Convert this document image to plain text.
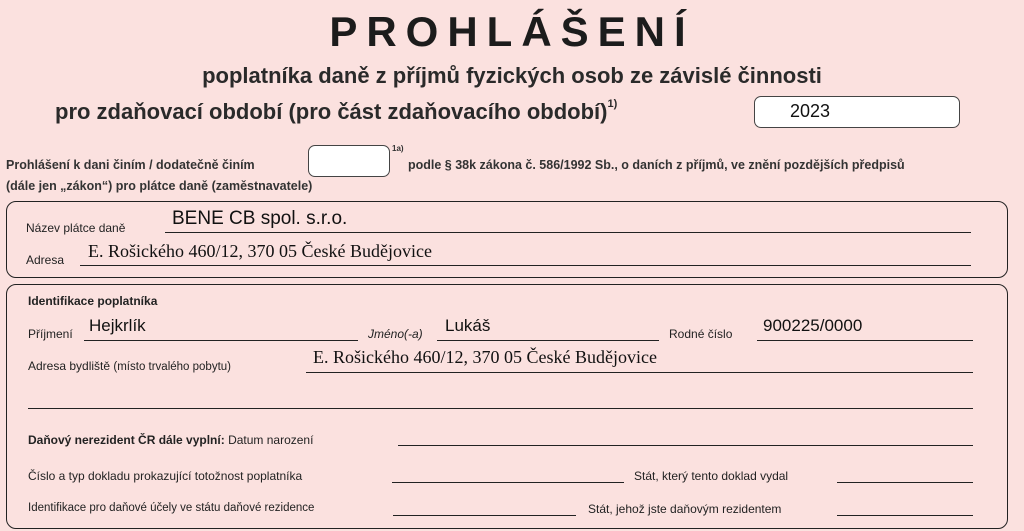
PROHLÁŠENÍ
poplatníka daně z příjmů fyzických osob ze závislé činnosti
pro zdaňovací období (pro část zdaňovacího období)$^{1)}$	2023
Prohlášení k dani činím / dodatečně činím
1a)
podle § 38k zákona č. 586/1992 Sb., o daních z příjmů, ve znění pozdějších předpisů
(dále jen „zákon“) pro plátce daně (zaměstnavatele)
Název plátce daně BENE CB spol. s.r.o.
Adresa E. Rošického 460/12, 370 05 České Budějovice
Identifikace poplatníka
Příjmení Hejkrlík	Jméno(-a) Lukáš	Rodné číslo 900225/0000
Adresa bydliště (místo trvalého pobytu)	E. Rošického 460/12, 370 05 České Budějovice
Daňový nerezident ČR dále vyplní: Datum narození
Číslo a typ dokladu prokazující totožnost poplatníka	Stát, který tento doklad vydal
Identifikace pro daňové účely ve státu daňové rezidence	Stát, jehož jste daňovým rezidentem
